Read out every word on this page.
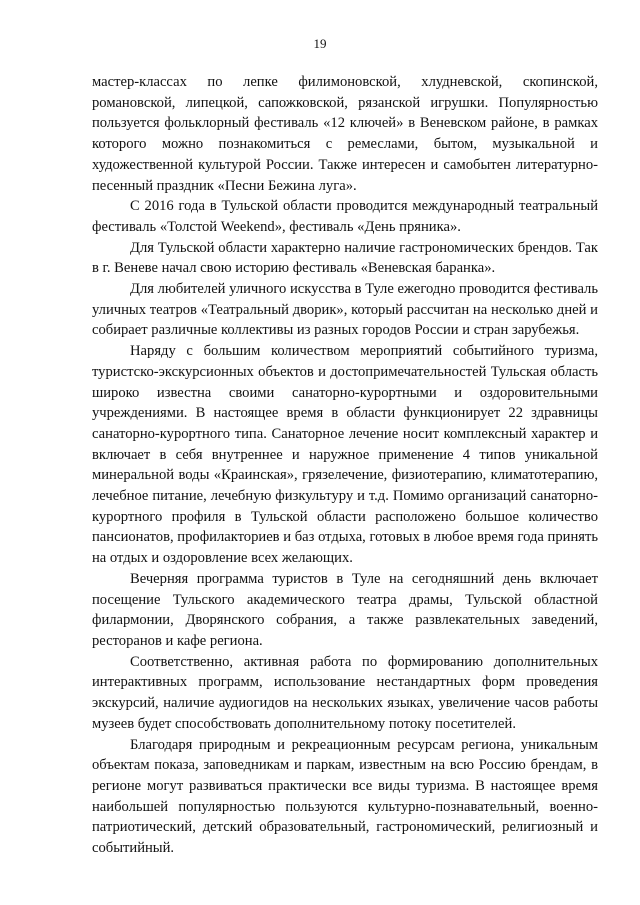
19

мастер-классах по лепке филимоновской, хлудневской, скопинской, романовской, липецкой, сапожковской, рязанской игрушки. Популярностью пользуется фольклорный фестиваль «12 ключей» в Веневском районе, в рамках которого можно познакомиться с ремеслами, бытом, музыкальной и художественной культурой России. Также интересен и самобытен литературно-песенный праздник «Песни Бежина луга».

С 2016 года в Тульской области проводится международный театральный фестиваль «Толстой Weekend», фестиваль «День пряника».

Для Тульской области характерно наличие гастрономических брендов. Так в г. Веневе начал свою историю фестиваль «Веневская баранка».

Для любителей уличного искусства в Туле ежегодно проводится фестиваль уличных театров «Театральный дворик», который рассчитан на несколько дней и собирает различные коллективы из разных городов России и стран зарубежья.

Наряду с большим количеством мероприятий событийного туризма, туристско-экскурсионных объектов и достопримечательностей Тульская область широко известна своими санаторно-курортными и оздоровительными учреждениями. В настоящее время в области функционирует 22 здравницы санаторно-курортного типа. Санаторное лечение носит комплексный характер и включает в себя внутреннее и наружное применение 4 типов уникальной минеральной воды «Краинская», грязелечение, физиотерапию, климатотерапию, лечебное питание, лечебную физкультуру и т.д. Помимо организаций санаторно-курортного профиля в Тульской области расположено большое количество пансионатов, профилакториев и баз отдыха, готовых в любое время года принять на отдых и оздоровление всех желающих.

Вечерняя программа туристов в Туле на сегодняшний день включает посещение Тульского академического театра драмы, Тульской областной филармонии, Дворянского собрания, а также развлекательных заведений, ресторанов и кафе региона.

Соответственно, активная работа по формированию дополнительных интерактивных программ, использование нестандартных форм проведения экскурсий, наличие аудиогидов на нескольких языках, увеличение часов работы музеев будет способствовать дополнительному потоку посетителей.

Благодаря природным и рекреационным ресурсам региона, уникальным объектам показа, заповедникам и паркам, известным на всю Россию брендам, в регионе могут развиваться практически все виды туризма. В настоящее время наибольшей популярностью пользуются культурно-познавательный, военно-патриотический, детский образовательный, гастрономический, религиозный и событийный.
